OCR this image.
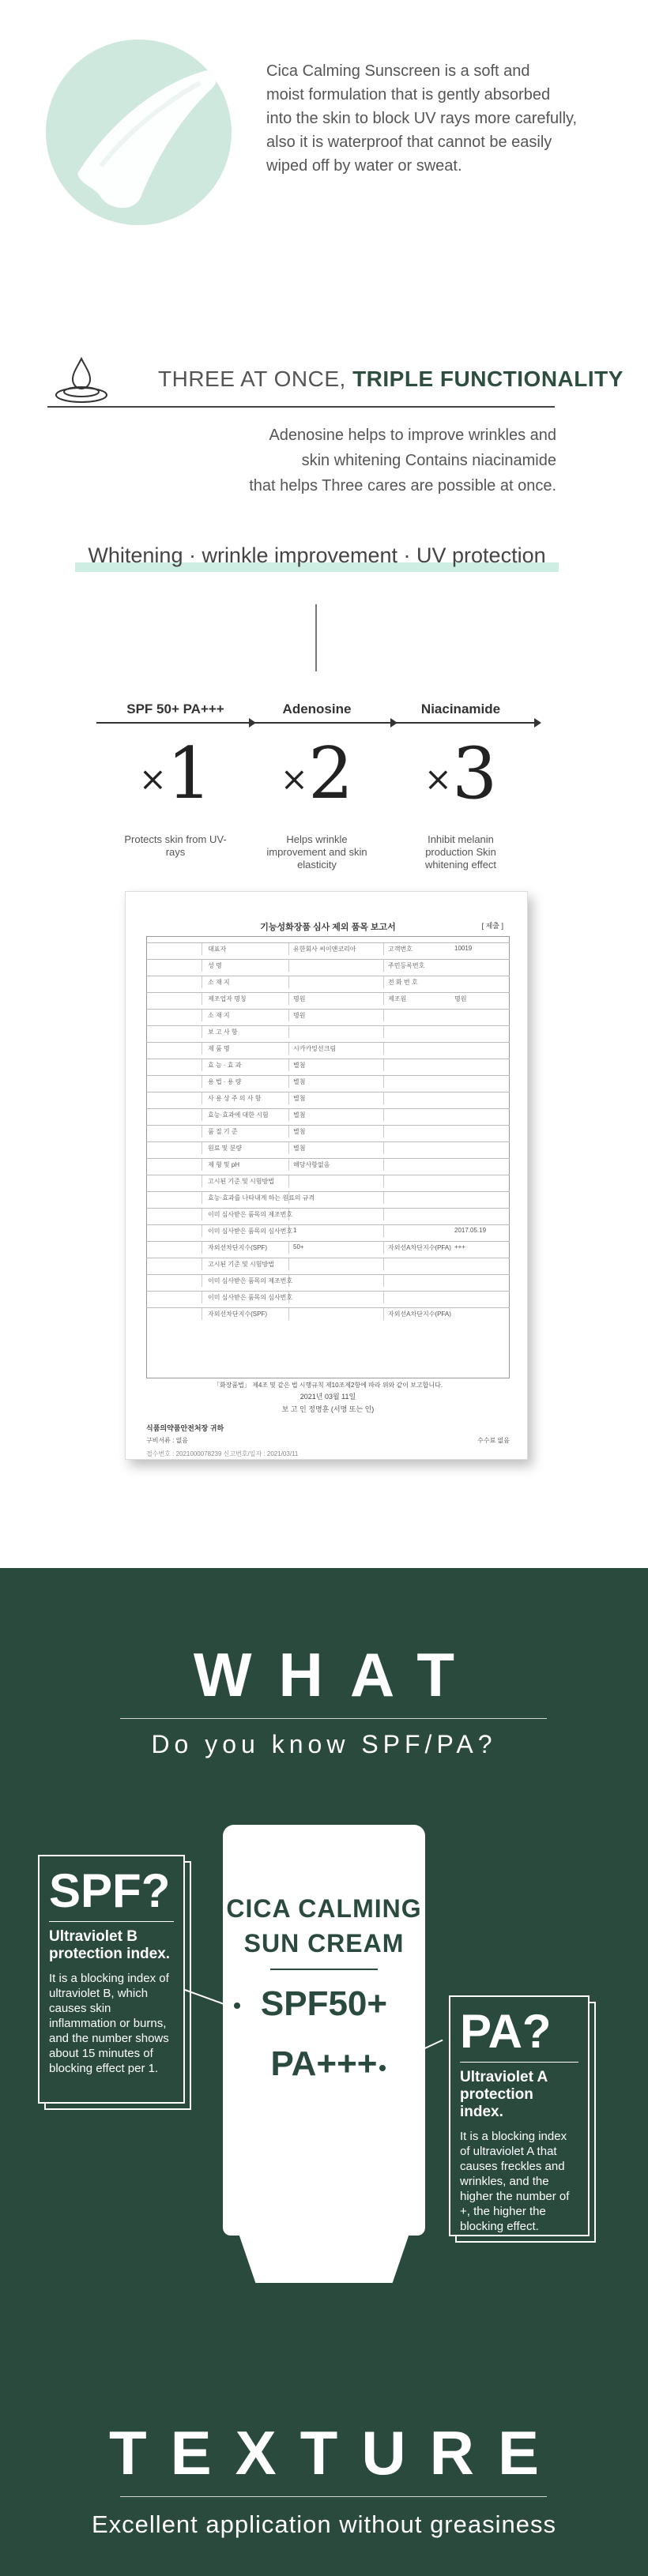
Cica Calming Sunscreen is a soft and
moist formulation that is gently absorbed
into the skin to block UV rays more carefully,
also it is waterproof that cannot be easily
wiped off by water or sweat.
THREE AT ONCE, TRIPLE FUNCTIONALITY
Adenosine helps to improve wrinkles and
skin whitening Contains niacinamide
that helps Three cares are possible at once.
Whitening · wrinkle improvement · UV protection
SPF 50+ PA+++
×1
Protects skin from UV-rays
Adenosine
×2
Helps wrinkle improvement and skin elasticity
Niacinamide
×3
Inhibit melanin production Skin whitening effect
기능성화장품 심사 제외 품목 보고서	[ 제출 ]
대표자	유한회사 씨이앤코리아	고객번호	10019
성 명	주민등록번호
소 재 지	전 화 번 호
제조업자 명칭	명원	제조원	명원
소 재 지	명원
보 고 사 항
제 품 명	시카카밍선크림
효 능 · 효 과	별첨
용 법 · 용 량	별첨
사 용 상 주 의 사 항	별첨
효능·효과에 대한 시험	별첨
품 질 기 준	별첨
원료 및 분량	별첨
제 형 및 pH	해당사항없음
고시된 기준 및 시험방법
효능·효과를 나타내게 하는 원료의 규격
이미 심사받은 품목의 제조번호
이미 심사받은 품목의 심사번호 1	2017.05.19
자외선차단지수(SPF)	50+	자외선A차단지수(PFA) +++
고시된 기준 및 시험방법
이미 심사받은 품목의 제조번호
이미 심사받은 품목의 심사번호
자외선차단지수(SPF)	자외선A차단지수(PFA)
2021년 03월 11일
보 고 인 정명훈 (서명 또는 인)
식품의약품안전처장 귀하
구비서류 : 없음	수수료 없음
접수번호 : 2021000078239 신고번호/일자 : 2021/03/11
「화장품법」 제4조 및 같은 법 시행규칙 제10조제2항에 따라 위와 같이 보고합니다.
WHAT
Do you know SPF/PA?
SPF?
Ultraviolet B protection index.
It is a blocking index of ultraviolet B, which causes skin inflammation or burns, and the number shows about 15 minutes of blocking effect per 1.
CICA CALMING
SUN CREAM
SPF50+
PA+++
PA?
Ultraviolet A protection index.
It is a blocking index of ultraviolet A that causes freckles and wrinkles, and the higher the number of +, the higher the blocking effect.
TEXTURE
Excellent application without greasiness
